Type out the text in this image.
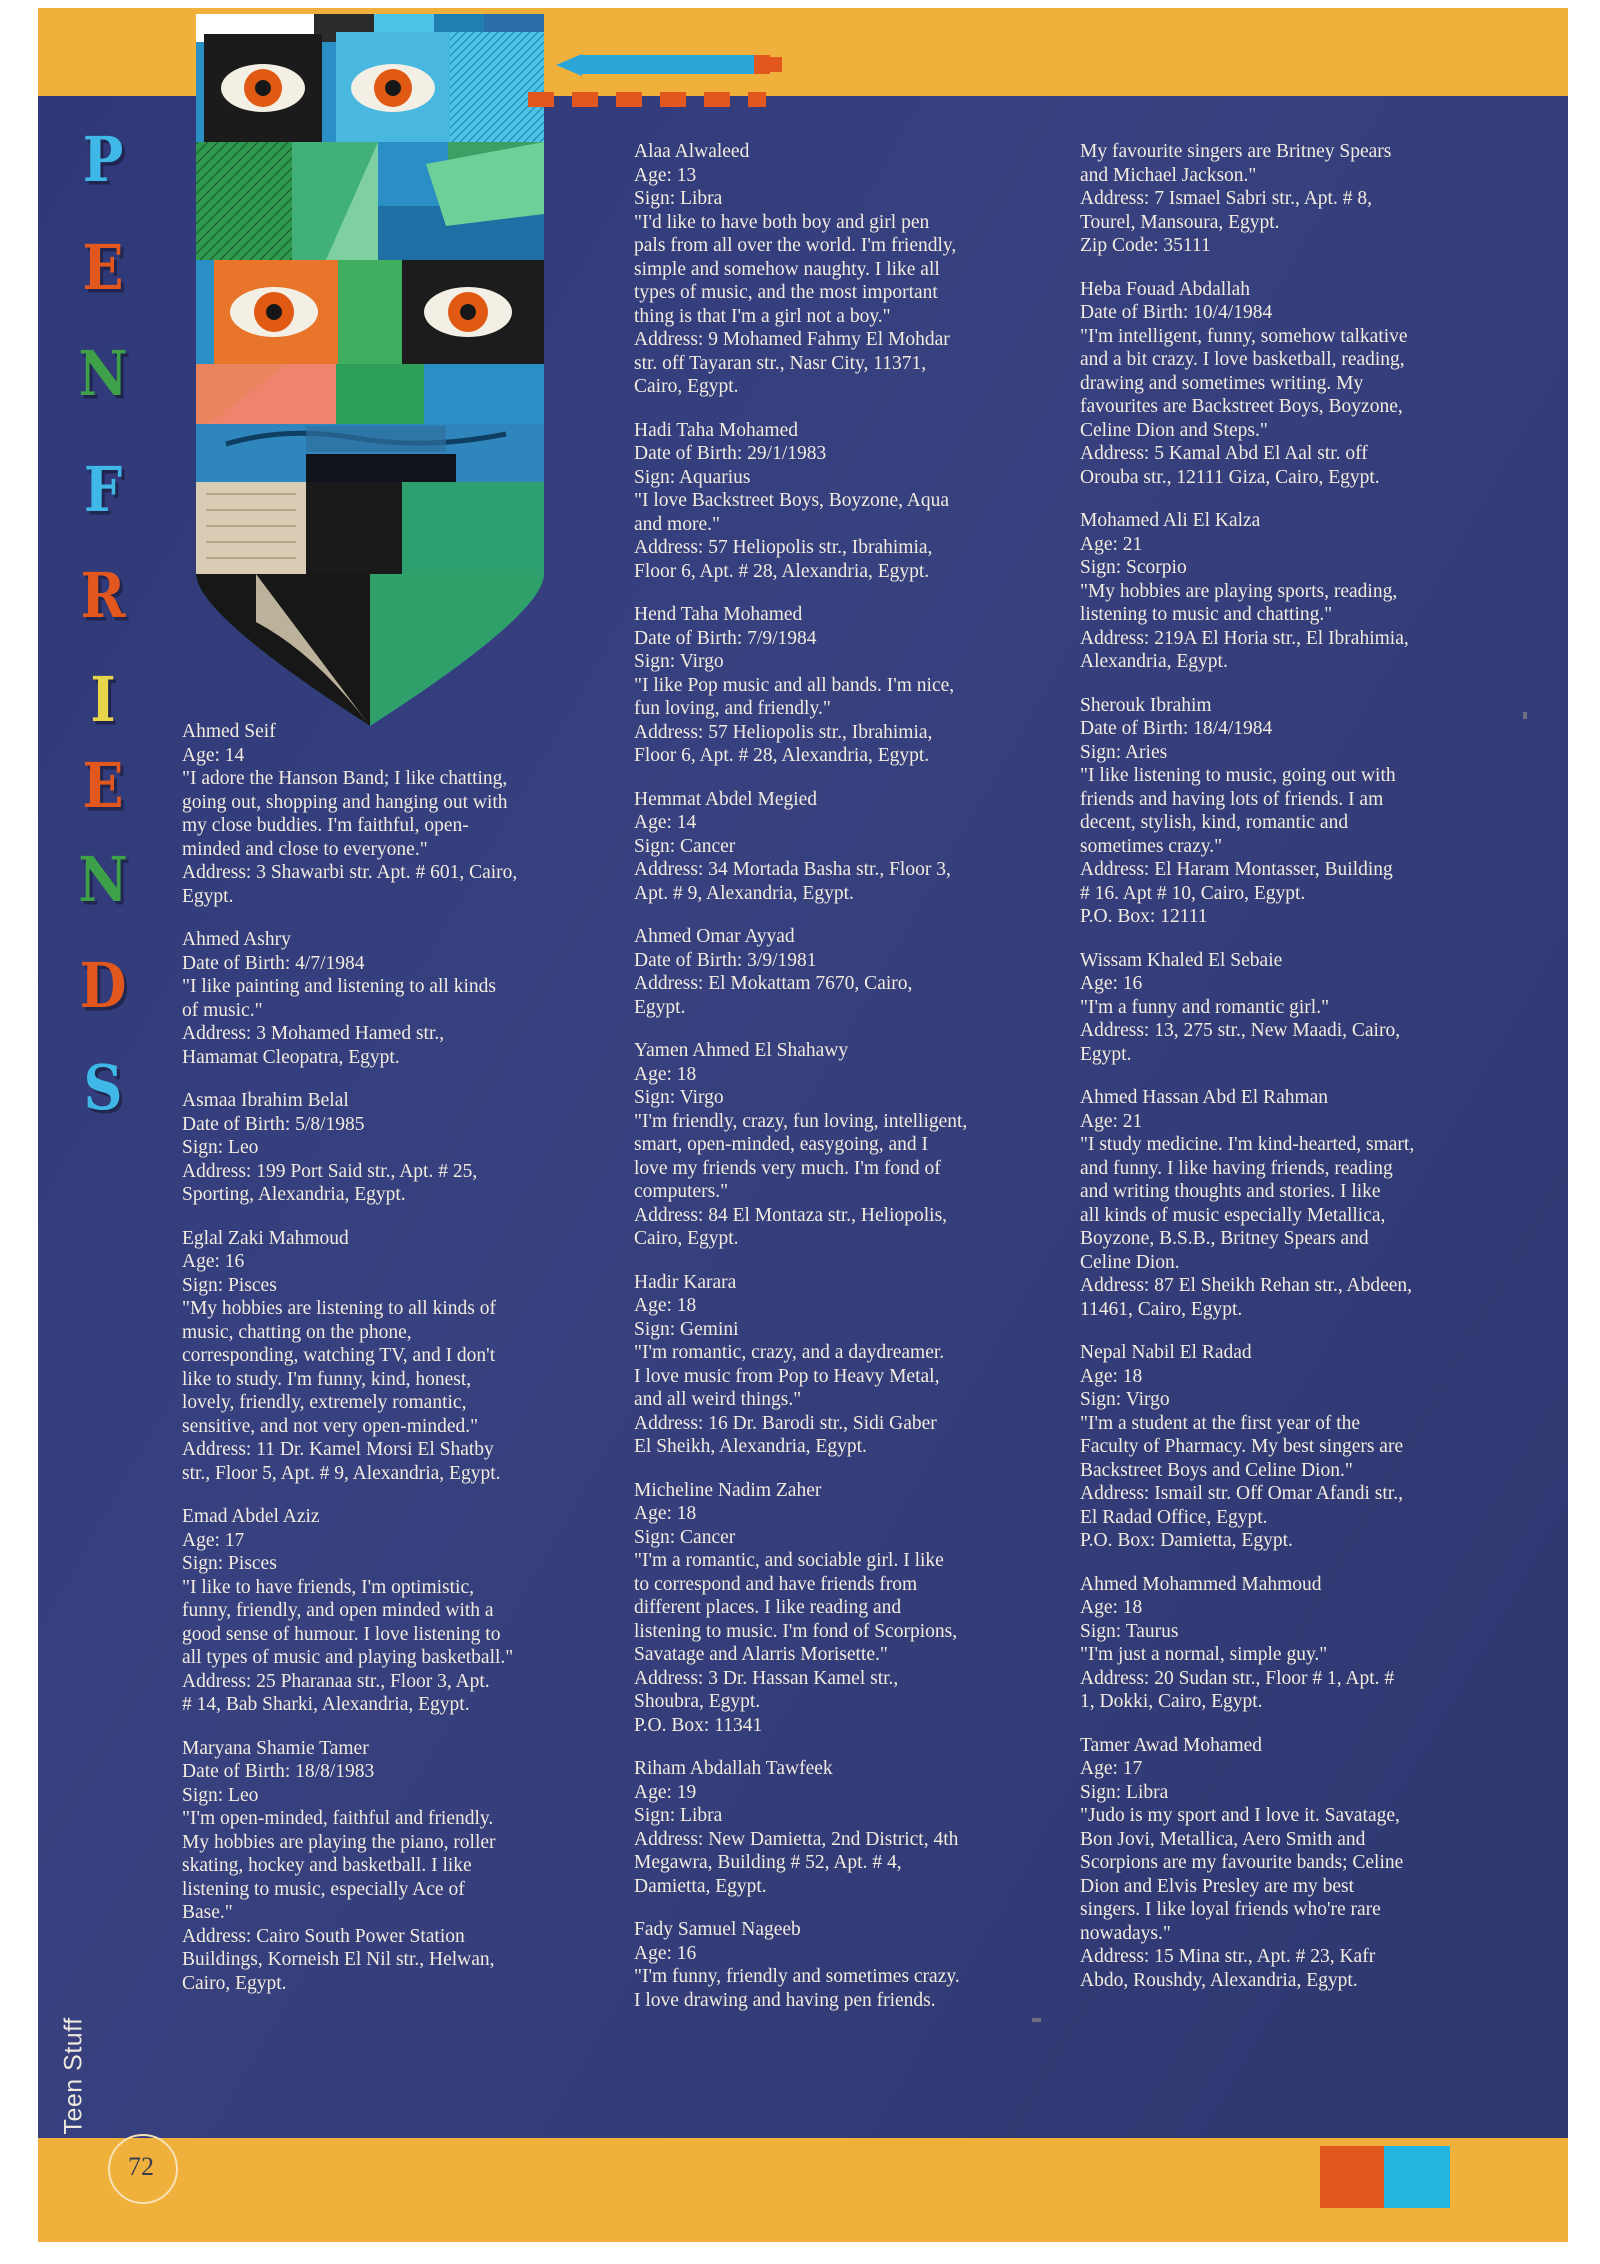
P
E
N
F
R
I
E
N
D
S
Ahmed Seif
Age: 14
"I adore the Hanson Band; I like chatting,
going out, shopping and hanging out with
my close buddies. I'm faithful, open-
minded and close to everyone."
Address: 3 Shawarbi str. Apt. # 601, Cairo,
Egypt.
Ahmed Ashry
Date of Birth: 4/7/1984
"I like painting and listening to all kinds
of music."
Address: 3 Mohamed Hamed str.,
Hamamat Cleopatra, Egypt.
Asmaa Ibrahim Belal
Date of Birth: 5/8/1985
Sign: Leo
Address: 199 Port Said str., Apt. # 25,
Sporting, Alexandria, Egypt.
Eglal Zaki Mahmoud
Age: 16
Sign: Pisces
"My hobbies are listening to all kinds of
music, chatting on the phone,
corresponding, watching TV, and I don't
like to study. I'm funny, kind, honest,
lovely, friendly, extremely romantic,
sensitive, and not very open-minded."
Address: 11 Dr. Kamel Morsi El Shatby
str., Floor 5, Apt. # 9, Alexandria, Egypt.
Emad Abdel Aziz
Age: 17
Sign: Pisces
"I like to have friends, I'm optimistic,
funny, friendly, and open minded with a
good sense of humour. I love listening to
all types of music and playing basketball."
Address: 25 Pharanaa str., Floor 3, Apt.
# 14, Bab Sharki, Alexandria, Egypt.
Maryana Shamie Tamer
Date of Birth: 18/8/1983
Sign: Leo
"I'm open-minded, faithful and friendly.
My hobbies are playing the piano, roller
skating, hockey and basketball. I like
listening to music, especially Ace of
Base."
Address: Cairo South Power Station
Buildings, Korneish El Nil str., Helwan,
Cairo, Egypt.
Alaa Alwaleed
Age: 13
Sign: Libra
"I'd like to have both boy and girl pen
pals from all over the world. I'm friendly,
simple and somehow naughty. I like all
types of music, and the most important
thing is that I'm a girl not a boy."
Address: 9 Mohamed Fahmy El Mohdar
str. off Tayaran str., Nasr City, 11371,
Cairo, Egypt.
Hadi Taha Mohamed
Date of Birth: 29/1/1983
Sign: Aquarius
"I love Backstreet Boys, Boyzone, Aqua
and more."
Address: 57 Heliopolis str., Ibrahimia,
Floor 6, Apt. # 28, Alexandria, Egypt.
Hend Taha Mohamed
Date of Birth: 7/9/1984
Sign: Virgo
"I like Pop music and all bands. I'm nice,
fun loving, and friendly."
Address: 57 Heliopolis str., Ibrahimia,
Floor 6, Apt. # 28, Alexandria, Egypt.
Hemmat Abdel Megied
Age: 14
Sign: Cancer
Address: 34 Mortada Basha str., Floor 3,
Apt. # 9, Alexandria, Egypt.
Ahmed Omar Ayyad
Date of Birth: 3/9/1981
Address: El Mokattam 7670, Cairo,
Egypt.
Yamen Ahmed El Shahawy
Age: 18
Sign: Virgo
"I'm friendly, crazy, fun loving, intelligent,
smart, open-minded, easygoing, and I
love my friends very much. I'm fond of
computers."
Address: 84 El Montaza str., Heliopolis,
Cairo, Egypt.
Hadir Karara
Age: 18
Sign: Gemini
"I'm romantic, crazy, and a daydreamer.
I love music from Pop to Heavy Metal,
and all weird things."
Address: 16 Dr. Barodi str., Sidi Gaber
El Sheikh, Alexandria, Egypt.
Micheline Nadim Zaher
Age: 18
Sign: Cancer
"I'm a romantic, and sociable girl. I like
to correspond and have friends from
different places. I like reading and
listening to music. I'm fond of Scorpions,
Savatage and Alarris Morisette."
Address: 3 Dr. Hassan Kamel str.,
Shoubra, Egypt.
P.O. Box: 11341
Riham Abdallah Tawfeek
Age: 19
Sign: Libra
Address: New Damietta, 2nd District, 4th
Megawra, Building # 52, Apt. # 4,
Damietta, Egypt.
Fady Samuel Nageeb
Age: 16
"I'm funny, friendly and sometimes crazy.
I love drawing and having pen friends.
My favourite singers are Britney Spears
and Michael Jackson."
Address: 7 Ismael Sabri str., Apt. # 8,
Tourel, Mansoura, Egypt.
Zip Code: 35111
Heba Fouad Abdallah
Date of Birth: 10/4/1984
"I'm intelligent, funny, somehow talkative
and a bit crazy. I love basketball, reading,
drawing and sometimes writing. My
favourites are Backstreet Boys, Boyzone,
Celine Dion and Steps."
Address: 5 Kamal Abd El Aal str. off
Orouba str., 12111 Giza, Cairo, Egypt.
Mohamed Ali El Kalza
Age: 21
Sign: Scorpio
"My hobbies are playing sports, reading,
listening to music and chatting."
Address: 219A El Horia str., El Ibrahimia,
Alexandria, Egypt.
Sherouk Ibrahim
Date of Birth: 18/4/1984
Sign: Aries
"I like listening to music, going out with
friends and having lots of friends. I am
decent, stylish, kind, romantic and
sometimes crazy."
Address: El Haram Montasser, Building
# 16. Apt # 10, Cairo, Egypt.
P.O. Box: 12111
Wissam Khaled El Sebaie
Age: 16
"I'm a funny and romantic girl."
Address: 13, 275 str., New Maadi, Cairo,
Egypt.
Ahmed Hassan Abd El Rahman
Age: 21
"I study medicine. I'm kind-hearted, smart,
and funny. I like having friends, reading
and writing thoughts and stories. I like
all kinds of music especially Metallica,
Boyzone, B.S.B., Britney Spears and
Celine Dion.
Address: 87 El Sheikh Rehan str., Abdeen,
11461, Cairo, Egypt.
Nepal Nabil El Radad
Age: 18
Sign: Virgo
"I'm a student at the first year of the
Faculty of Pharmacy. My best singers are
Backstreet Boys and Celine Dion."
Address: Ismail str. Off Omar Afandi str.,
El Radad Office, Egypt.
P.O. Box: Damietta, Egypt.
Ahmed Mohammed Mahmoud
Age: 18
Sign: Taurus
"I'm just a normal, simple guy."
Address: 20 Sudan str., Floor # 1, Apt. #
1, Dokki, Cairo, Egypt.
Tamer Awad Mohamed
Age: 17
Sign: Libra
"Judo is my sport and I love it. Savatage,
Bon Jovi, Metallica, Aero Smith and
Scorpions are my favourite bands; Celine
Dion and Elvis Presley are my best
singers. I like loyal friends who're rare
nowadays."
Address: 15 Mina str., Apt. # 23, Kafr
Abdo, Roushdy, Alexandria, Egypt.
72
Teen Stuff
